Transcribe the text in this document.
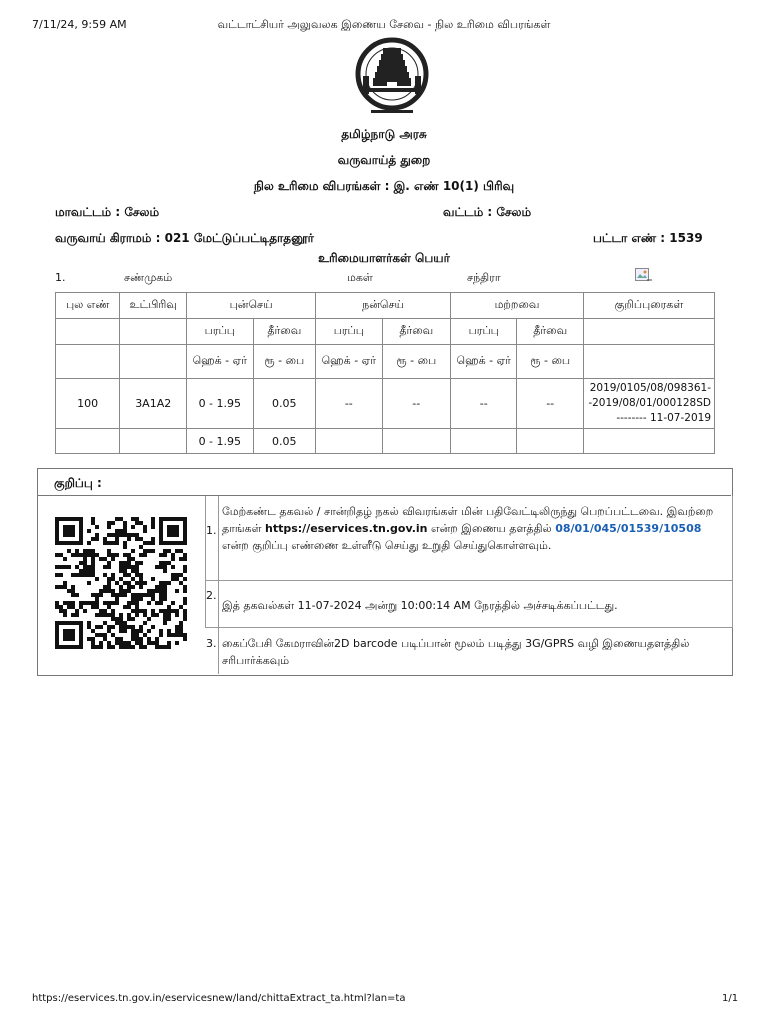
7/11/24, 9:59 AM	வட்டாட்சியர் அலுவலக இணைய சேவை - நில உரிமை விபரங்கள்
தமிழ்நாடு அரசு
வருவாய்த் துறை
நில உரிமை விபரங்கள் : இ. எண் 10(1) பிரிவு
மாவட்டம் : சேலம்	வட்டம் : சேலம்
வருவாய் கிராமம் : 021 மேட்டுப்பட்டிதாதனூர்	பட்டா எண் : 1539
உரிமையாளர்கள் பெயர்
1.	சண்முகம்	மகள்	சந்திரா
புல எண்	உட்பிரிவு	புன்செய்		நன்செய்		மற்றவை		குறிப்புரைகள்
		பரப்பு	தீர்வை	பரப்பு	தீர்வை	பரப்பு	தீர்வை	
		ஹெக் - ஏர்	ரூ - பை	ஹெக் - ஏர்	ரூ - பை	ஹெக் - ஏர்	ரூ - பை	
100	3A1A2	0 - 1.95	0.05	--	--	--	--	2019/0105/08/098361-
-2019/08/01/000128SD
-------- 11-07-2019

		0 - 1.95	0.05					
குறிப்பு :
1.
மேற்கண்ட தகவல் / சான்றிதழ் நகல் விவரங்கள் மின் பதிவேட்டிலிருந்து பெறப்பட்டவை. இவற்றை தாங்கள் https://eservices.tn.gov.in என்ற இணைய தளத்தில் 08/01/045/01539/10508 என்ற குறிப்பு எண்ணை உள்ளீடு செய்து உறுதி செய்துகொள்ளவும்.
2.
இத் தகவல்கள் 11-07-2024 அன்று 10:00:14 AM நேரத்தில் அச்சடிக்கப்பட்டது.
3. கைப்பேசி கேமராவின்2D barcode படிப்பான் மூலம் படித்து 3G/GPRS வழி இணையதளத்தில் சரிபார்க்கவும்
https://eservices.tn.gov.in/eservicesnew/land/chittaExtract_ta.html?lan=ta	1/1
